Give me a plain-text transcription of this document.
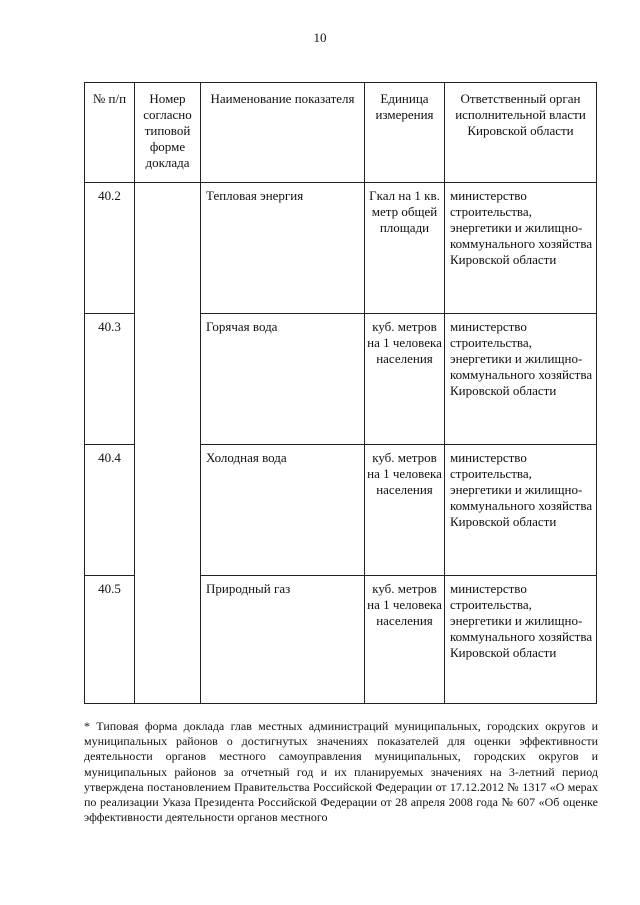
10
№ п/п	Номер согласно типовой форме доклада	Наименование показателя	Единица измерения	Ответственный орган исполнительной власти Кировской области
40.2		Тепловая энергия	Гкал на 1 кв. метр общей площади	министерство строительства, энергетики и жилищно-коммунального хозяйства Кировской области
40.3		Горячая вода	куб. метров на 1 человека населения	министерство строительства, энергетики и жилищно-коммунального хозяйства Кировской области
40.4		Холодная вода	куб. метров на 1 человека населения	министерство строительства, энергетики и жилищно-коммунального хозяйства Кировской области
40.5		Природный газ	куб. метров на 1 человека населения	министерство строительства, энергетики и жилищно-коммунального хозяйства Кировской области

* Типовая форма доклада глав местных администраций муниципальных, городских округов и муниципальных районов о достигнутых значениях показателей для оценки эффективности деятельности органов местного самоуправления муниципальных, городских округов и муниципальных районов за отчетный год и их планируемых значениях на 3-летний период утверждена постановлением Правительства Российской Федерации от 17.12.2012 № 1317 «О мерах по реализации Указа Президента Российской Федерации от 28 апреля 2008 года № 607 «Об оценке эффективности деятельности органов местного
